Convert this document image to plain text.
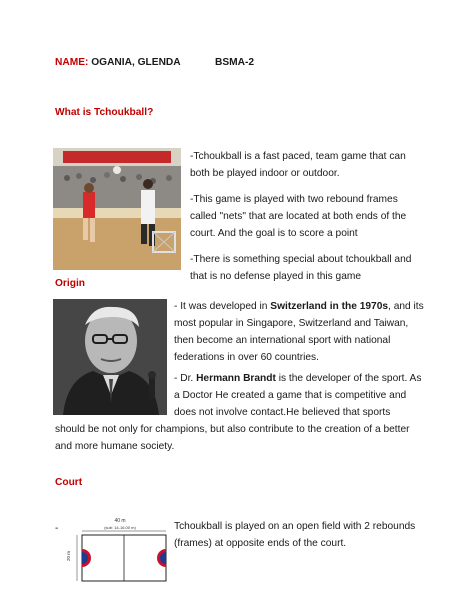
NAME: OGANIA, GLENDA	BSMA-2
What is Tchoukball?

-Tchoukball is a fast paced, team game that can both be played indoor or outdoor.

-This game is played with two rebound frames called "nets" that are located at both ends of the court. And the goal is to score a point

-There is something special about tchoukball and that is no defense played in this game

Origin
- It was developed in Switzerland in the 1970s, and its most popular in Singapore, Switzerland and Taiwan, then become an international sport with national federations in over 60 countries.
- Dr. Hermann Brandt is the developer of the sport. As a Doctor He created a game that is competitive and does not involve contact.He believed that sports
should be not only for champions, but also contribute to the creation of a better and more humane society.
Court
-
40 m
(sub: 14-16.00 m)
20 m
Tchoukball is played on an open field with 2 rebounds (frames) at opposite ends of the court.
